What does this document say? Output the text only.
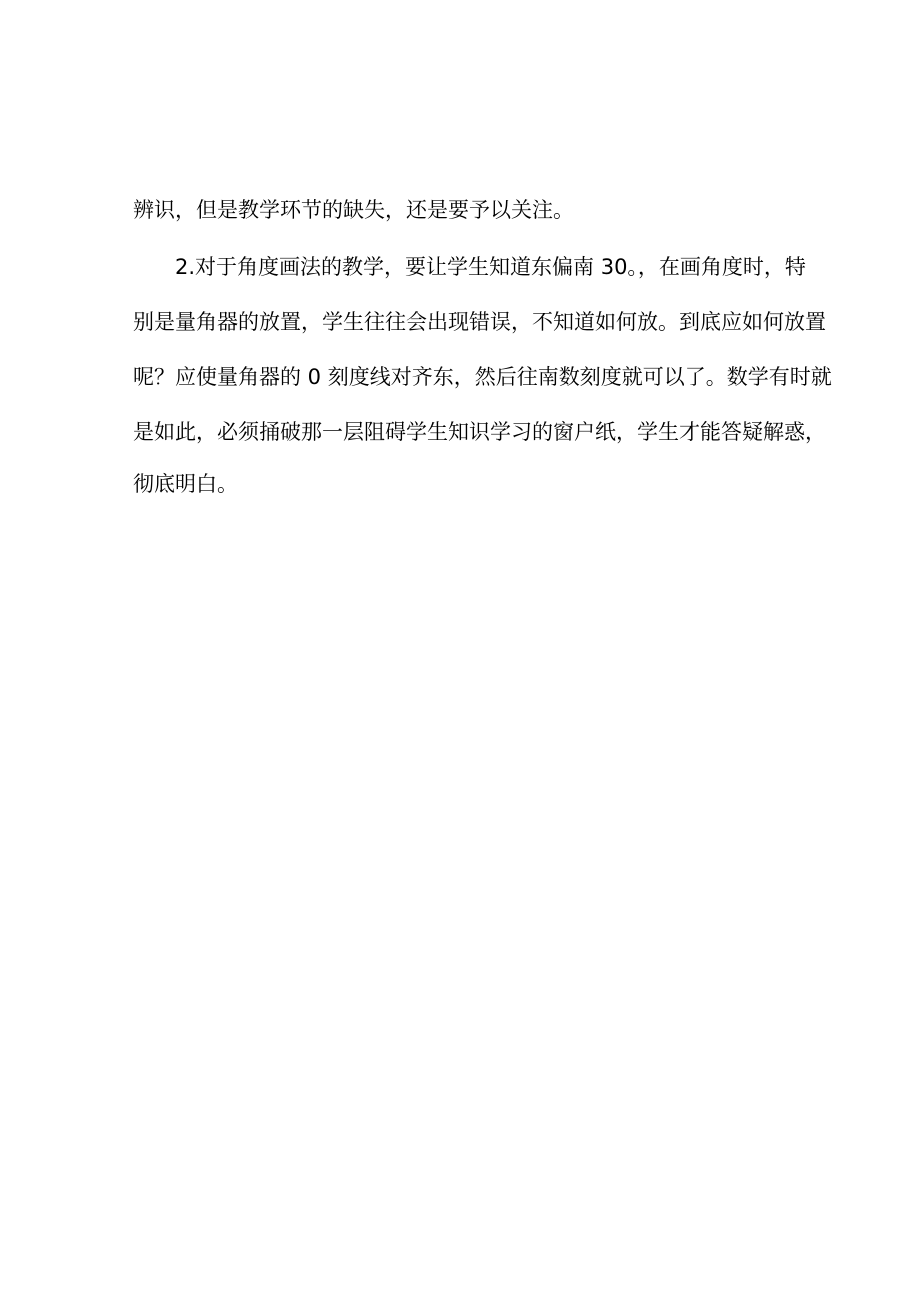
辨识，但是教学环节的缺失，还是要予以关注。
2.对于角度画法的教学，要让学生知道东偏南 30。，在画角度时，特
别是量角器的放置，学生往往会出现错误，不知道如何放。到底应如何放置
呢？应使量角器的 0 刻度线对齐东，然后往南数刻度就可以了。数学有时就
是如此，必须捅破那一层阻碍学生知识学习的窗户纸，学生才能答疑解惑，
彻底明白。
